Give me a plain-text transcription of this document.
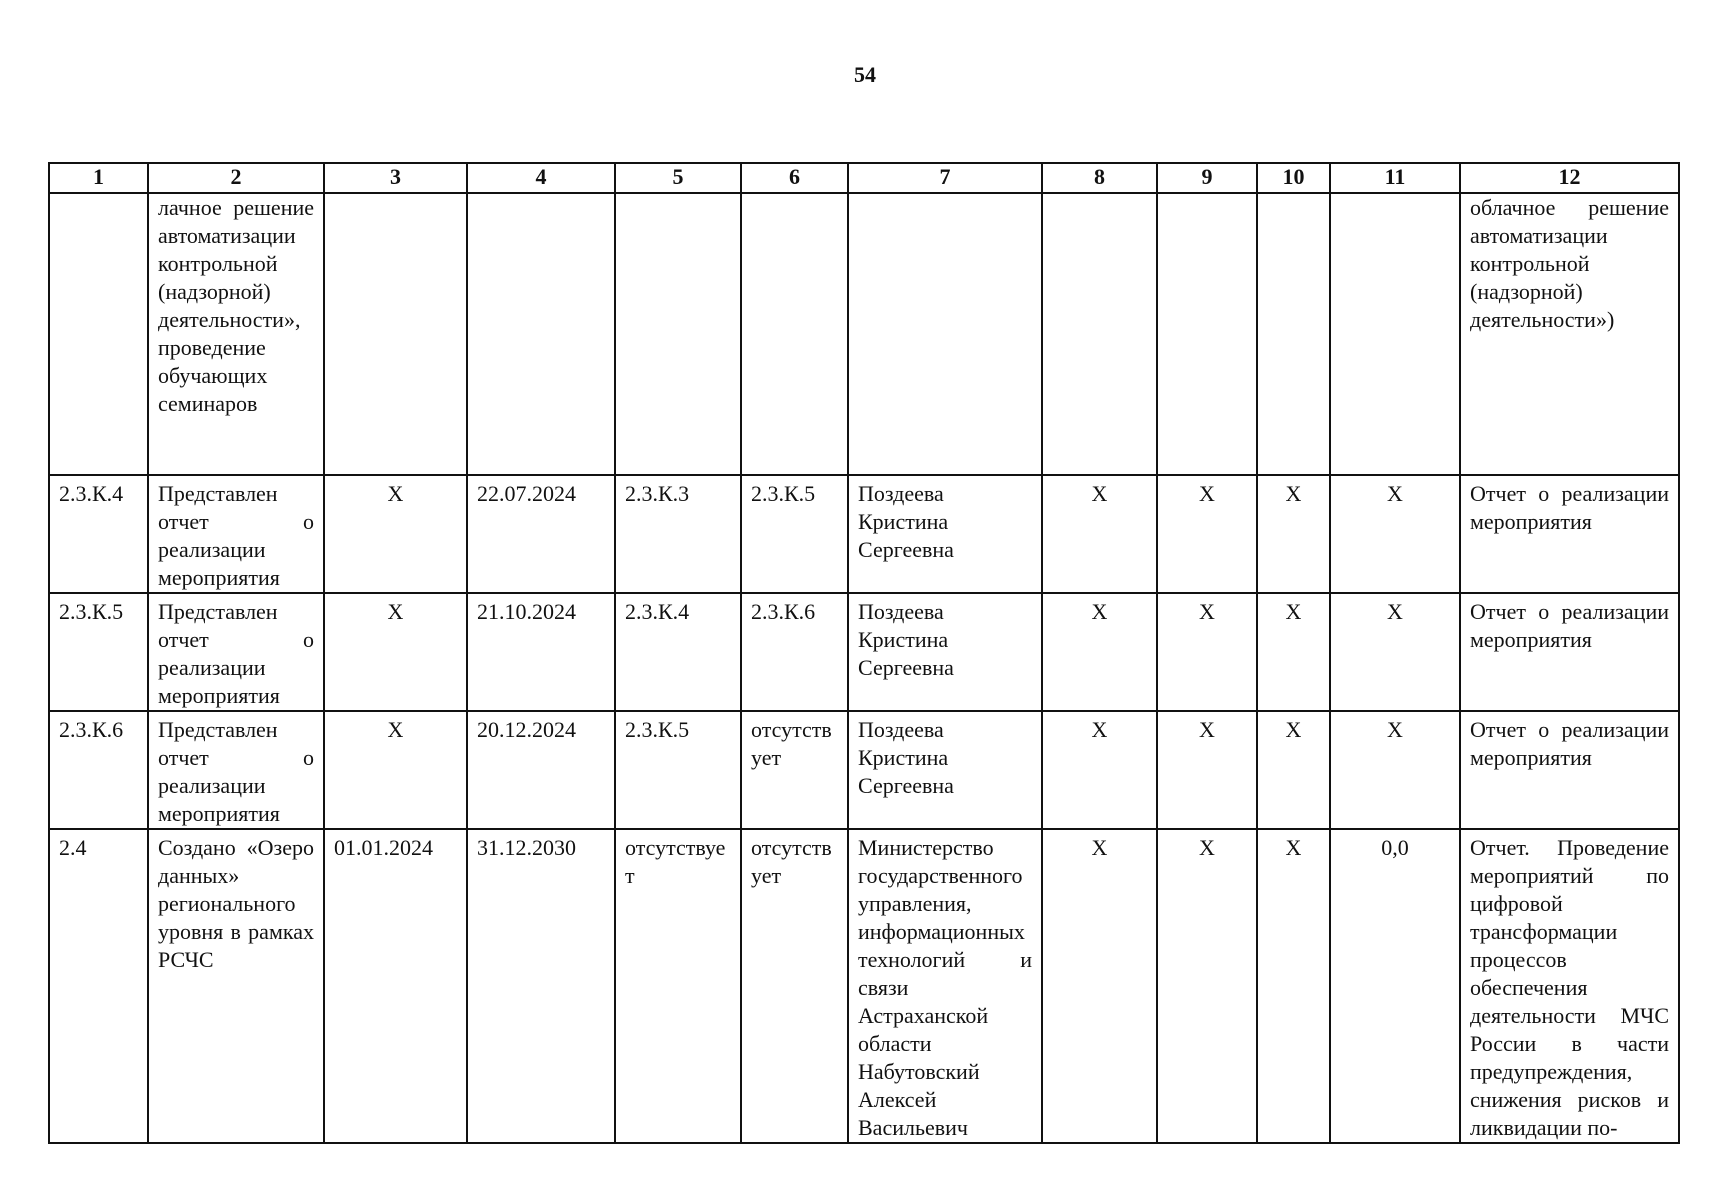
54
1	2	3	4	5	6	7	8	9	10	11	12
	лачное решение автоматизации контрольной (надзорной) деятельности», проведение обучающих семинаров										облачное решение автоматизации контрольной (надзорной) деятельности»)
2.3.К.4	Представлен отчет о реализации мероприятия	Х	22.07.2024	2.3.К.3	2.3.К.5	Поздеева Кристина Сергеевна	Х	Х	Х	Х	Отчет о реализации мероприятия
2.3.К.5	Представлен отчет о реализации мероприятия	Х	21.10.2024	2.3.К.4	2.3.К.6	Поздеева Кристина Сергеевна	Х	Х	Х	Х	Отчет о реализации мероприятия
2.3.К.6	Представлен отчет о реализации мероприятия	Х	20.12.2024	2.3.К.5	отсутствует	Поздеева Кристина Сергеевна	Х	Х	Х	Х	Отчет о реализации мероприятия
2.4	Создано «Озеро данных» регионального уровня в рамках РСЧС	01.01.2024	31.12.2030	отсутствует	отсутствует	Министерство государственного управления, информационных технологий и связи Астраханской области Набутовский Алексей Васильевич	Х	Х	Х	0,0	Отчет. Проведение мероприятий по цифровой трансформации процессов обеспечения деятельности МЧС России в части предупреждения, снижения рисков и ликвидации по-
